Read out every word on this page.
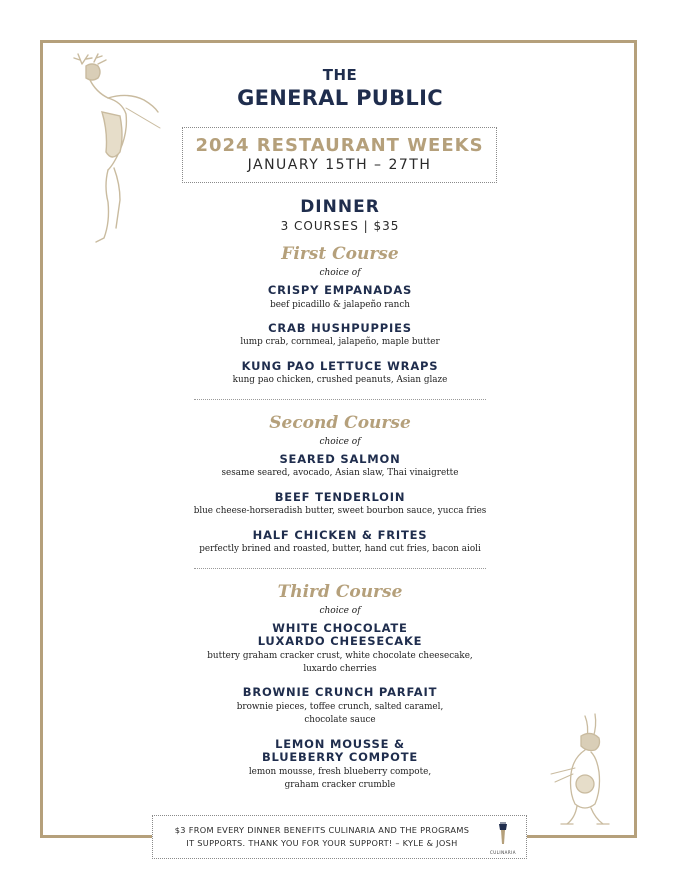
THE
GENERAL PUBLIC
2024 RESTAURANT WEEKS
JANUARY 15TH – 27TH
DINNER
3 COURSES | $35
First Course
choice of
CRISPY EMPANADAS
beef picadillo & jalapeño ranch
CRAB HUSHPUPPIES
lump crab, cornmeal, jalapeño, maple butter
KUNG PAO LETTUCE WRAPS
kung pao chicken, crushed peanuts, Asian glaze
Second Course
choice of
SEARED SALMON
sesame seared, avocado, Asian slaw, Thai vinaigrette
BEEF TENDERLOIN
blue cheese-horseradish butter, sweet bourbon sauce, yucca fries
HALF CHICKEN & FRITES
perfectly brined and roasted, butter, hand cut fries, bacon aioli
Third Course
choice of
WHITE CHOCOLATE
LUXARDO CHEESECAKE
buttery graham cracker crust, white chocolate cheesecake,
luxardo cherries
BROWNIE CRUNCH PARFAIT
brownie pieces, toffee crunch, salted caramel,
chocolate sauce
LEMON MOUSSE &
BLUEBERRY COMPOTE
lemon mousse, fresh blueberry compote,
graham cracker crumble
$3 FROM EVERY DINNER BENEFITS CULINARIA AND THE PROGRAMS
IT SUPPORTS. THANK YOU FOR YOUR SUPPORT! – KYLE & JOSH
CULINARIA
